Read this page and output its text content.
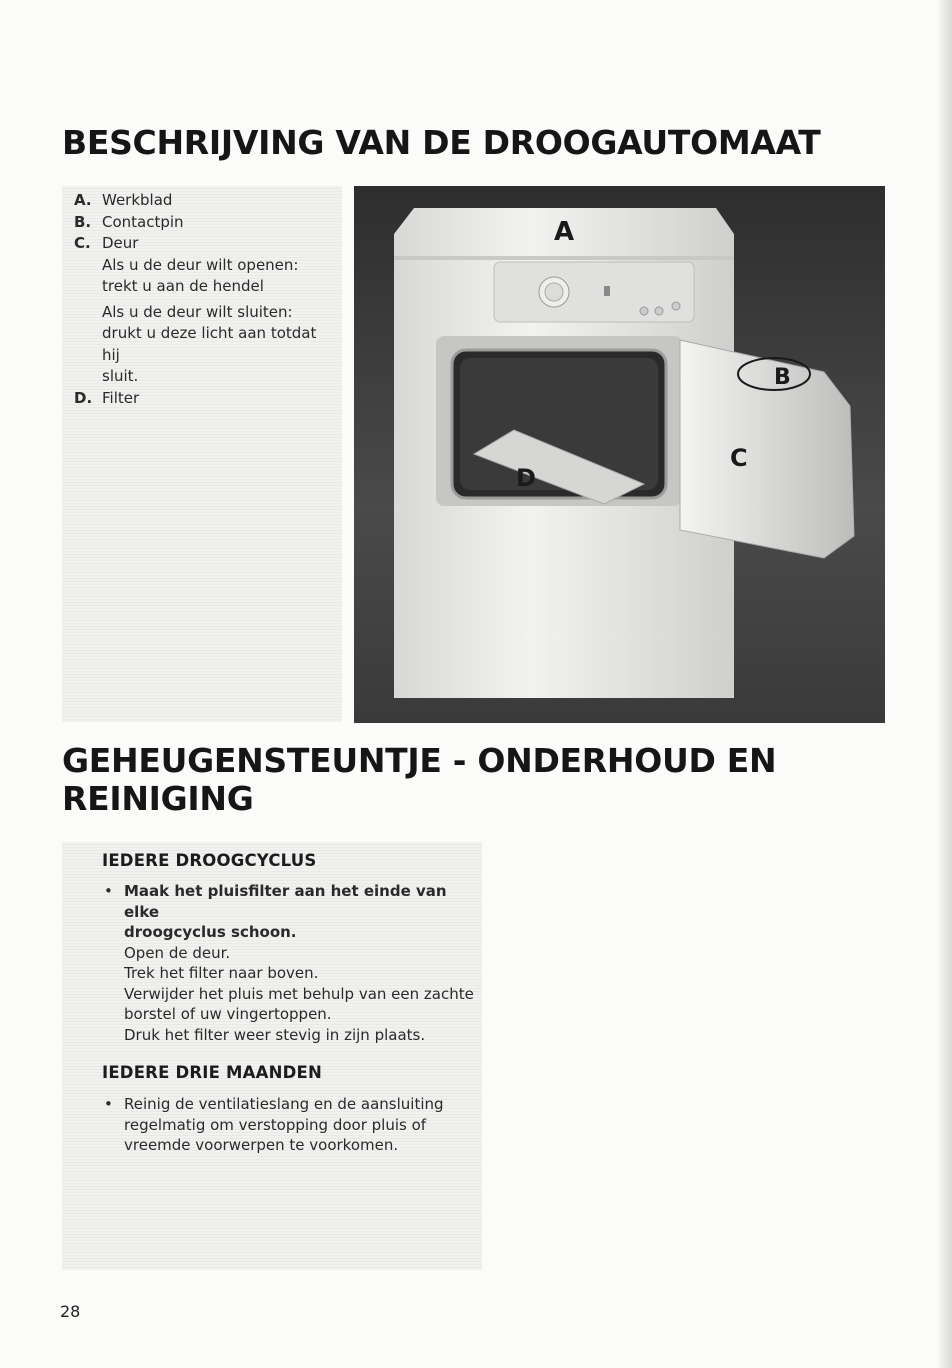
BESCHRIJVING VAN DE DROOGAUTOMAAT
A. Werkblad
B. Contactpin
C. Deur
Als u de deur wilt openen:
trekt u aan de hendel
Als u de deur wilt sluiten:
drukt u deze licht aan totdat hij
sluit.
D. Filter
A
B
C
D
GEHEUGENSTEUNTJE - ONDERHOUD EN REINIGING
IEDERE DROOGCYCLUS
• Maak het pluisfilter aan het einde van elke
droogcyclus schoon.
Open de deur.
Trek het filter naar boven.
Verwijder het pluis met behulp van een zachte
borstel of uw vingertoppen.
Druk het filter weer stevig in zijn plaats.
IEDERE DRIE MAANDEN
• Reinig de ventilatieslang en de aansluiting
regelmatig om verstopping door pluis of
vreemde voorwerpen te voorkomen.
28
